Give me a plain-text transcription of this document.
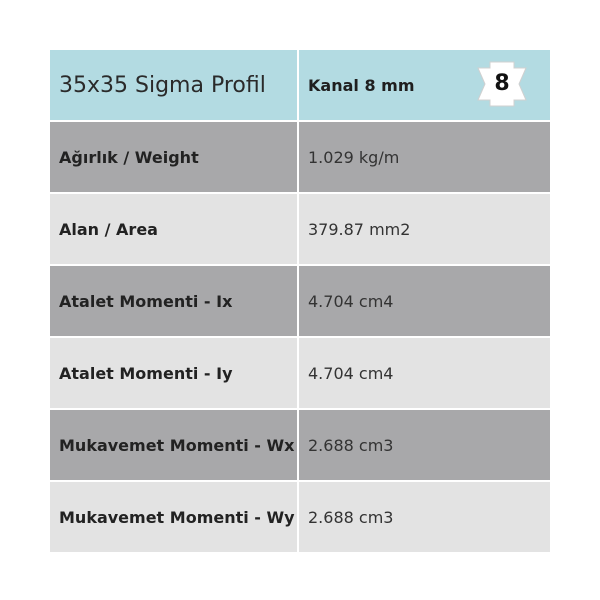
35x35 Sigma Profil	Kanal 8 mm	8
Ağırlık / Weight	1.029 kg/m
Alan / Area	379.87 mm2
Atalet Momenti - Ix	4.704 cm4
Atalet Momenti - Iy	4.704 cm4
Mukavemet Momenti - Wx 2.688 cm3
Mukavemet Momenti - Wy 2.688 cm3
